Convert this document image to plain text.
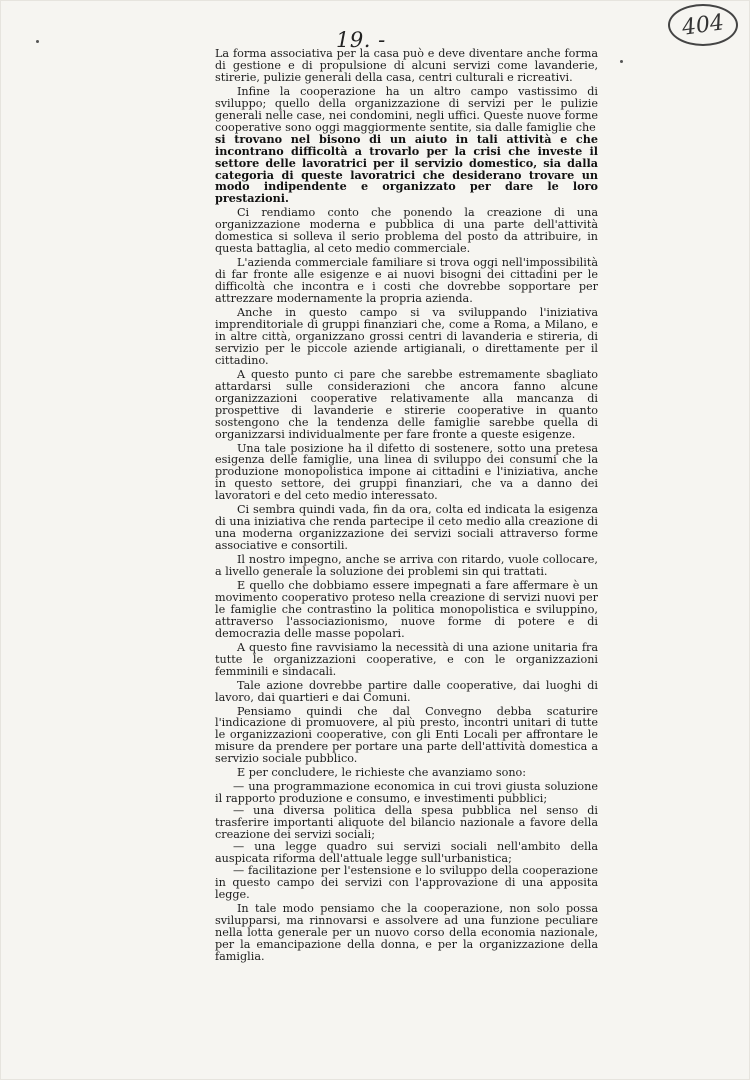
19. -	404

La forma associativa per la casa può e deve diventare anche forma di gestione e di propulsione di alcuni servizi come lavanderie, stirerie, pulizie generali della casa, centri culturali e ricreativi.

Infine la cooperazione ha un altro campo vastissimo di sviluppo; quello della organizzazione di servizi per le pulizie generali nelle case, nei condomini, negli uffici. Queste nuove forme cooperative sono oggi maggiormente sentite, sia dalle famiglie che

si trovano nel bisono di un aiuto in tali attività e che incontrano difficoltà a trovarlo per la crisi che investe il settore delle lavoratrici per il servizio domestico, sia dalla categoria di queste lavoratrici che desiderano trovare un modo indipendente e organizzato per dare le loro prestazioni.

Ci rendiamo conto che ponendo la creazione di una organizzazione moderna e pubblica di una parte dell'attività domestica si solleva il serio problema del posto da attribuire, in questa battaglia, al ceto medio commerciale.

L'azienda commerciale familiare si trova oggi nell'impossibilità di far fronte alle esigenze e ai nuovi bisogni dei cittadini per le difficoltà che incontra e i costi che dovrebbe sopportare per attrezzare modernamente la propria azienda.

Anche in questo campo si va sviluppando l'iniziativa imprenditoriale di gruppi finanziari che, come a Roma, a Milano, e in altre città, organizzano grossi centri di lavanderia e stireria, di servizio per le piccole aziende artigianali, o direttamente per il cittadino.

A questo punto ci pare che sarebbe estremamente sbagliato attardarsi sulle considerazioni che ancora fanno alcune organizzazioni cooperative relativamente alla mancanza di prospettive di lavanderie e stirerie cooperative in quanto sostengono che la tendenza delle famiglie sarebbe quella di organizzarsi individualmente per fare fronte a queste esigenze.

Una tale posizione ha il difetto di sostenere, sotto una pretesa esigenza delle famiglie, una linea di sviluppo dei consumi che la produzione monopolistica impone ai cittadini e l'iniziativa, anche in questo settore, dei gruppi finanziari, che va a danno dei lavoratori e del ceto medio interessato.

Ci sembra quindi vada, fin da ora, colta ed indicata la esigenza di una iniziativa che renda partecipe il ceto medio alla creazione di una moderna organizzazione dei servizi sociali attraverso forme associative e consortili.

Il nostro impegno, anche se arriva con ritardo, vuole collocare, a livello generale la soluzione dei problemi sin qui trattati.

E quello che dobbiamo essere impegnati a fare affermare è un movimento cooperativo proteso nella creazione di servizi nuovi per le famiglie che contrastino la politica monopolistica e sviluppino, attraverso l'associazionismo, nuove forme di potere e di democrazia delle masse popolari.

A questo fine ravvisiamo la necessità di una azione unitaria fra tutte le organizzazioni cooperative, e con le organizzazioni femminili e sindacali.

Tale azione dovrebbe partire dalle cooperative, dai luoghi di lavoro, dai quartieri e dai Comuni.

Pensiamo quindi che dal Convegno debba scaturire l'indicazione di promuovere, al più presto, incontri unitari di tutte le organizzazioni cooperative, con gli Enti Locali per affrontare le misure da prendere per portare una parte dell'attività domestica a servizio sociale pubblico.

E per concludere, le richieste che avanziamo sono:

— una programmazione economica in cui trovi giusta soluzione il rapporto produzione e consumo, e investimenti pubblici;

— una diversa politica della spesa pubblica nel senso di trasferire importanti aliquote del bilancio nazionale a favore della creazione dei servizi sociali;

— una legge quadro sui servizi sociali nell'ambito della auspicata riforma dell'attuale legge sull'urbanistica;

— facilitazione per l'estensione e lo sviluppo della cooperazione in questo campo dei servizi con l'approvazione di una apposita legge.

In tale modo pensiamo che la cooperazione, non solo possa svilupparsi, ma rinnovarsi e assolvere ad una funzione peculiare nella lotta generale per un nuovo corso della economia nazionale, per la emancipazione della donna, e per la organizzazione della famiglia.
